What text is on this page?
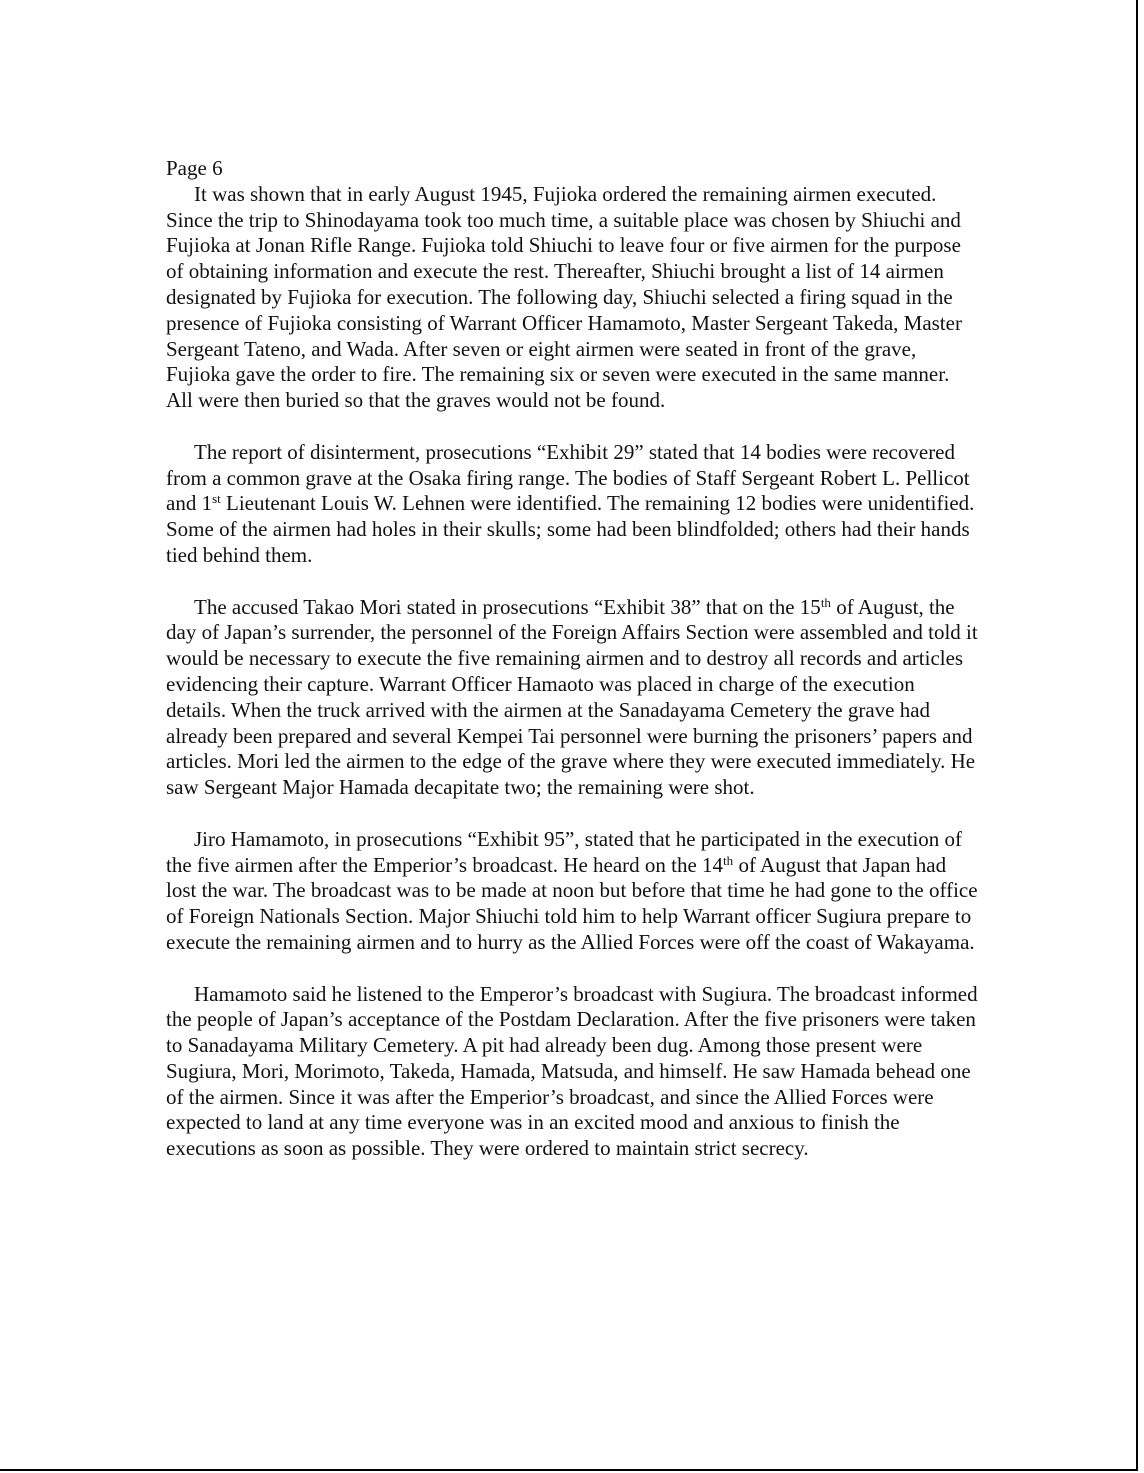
Page 6

It was shown that in early August 1945, Fujioka ordered the remaining airmen executed. Since the trip to Shinodayama took too much time, a suitable place was chosen by Shiuchi and Fujioka at Jonan Rifle Range. Fujioka told Shiuchi to leave four or five airmen for the purpose of obtaining information and execute the rest. Thereafter, Shiuchi brought a list of 14 airmen designated by Fujioka for execution. The following day, Shiuchi selected a firing squad in the presence of Fujioka consisting of Warrant Officer Hamamoto, Master Sergeant Takeda, Master Sergeant Tateno, and Wada. After seven or eight airmen were seated in front of the grave, Fujioka gave the order to fire. The remaining six or seven were executed in the same manner. All were then buried so that the graves would not be found.

The report of disinterment, prosecutions “Exhibit 29” stated that 14 bodies were recovered from a common grave at the Osaka firing range. The bodies of Staff Sergeant Robert L. Pellicot and 1st Lieutenant Louis W. Lehnen were identified. The remaining 12 bodies were unidentified. Some of the airmen had holes in their skulls; some had been blindfolded; others had their hands tied behind them.

The accused Takao Mori stated in prosecutions “Exhibit 38” that on the 15th of August, the day of Japan’s surrender, the personnel of the Foreign Affairs Section were assembled and told it would be necessary to execute the five remaining airmen and to destroy all records and articles evidencing their capture. Warrant Officer Hamaoto was placed in charge of the execution details. When the truck arrived with the airmen at the Sanadayama Cemetery the grave had already been prepared and several Kempei Tai personnel were burning the prisoners’ papers and articles. Mori led the airmen to the edge of the grave where they were executed immediately. He saw Sergeant Major Hamada decapitate two; the remaining were shot.

Jiro Hamamoto, in prosecutions “Exhibit 95”, stated that he participated in the execution of the five airmen after the Emperior’s broadcast. He heard on the 14th of August that Japan had lost the war. The broadcast was to be made at noon but before that time he had gone to the office of Foreign Nationals Section. Major Shiuchi told him to help Warrant officer Sugiura prepare to execute the remaining airmen and to hurry as the Allied Forces were off the coast of Wakayama.

Hamamoto said he listened to the Emperor’s broadcast with Sugiura. The broadcast informed the people of Japan’s acceptance of the Postdam Declaration. After the five prisoners were taken to Sanadayama Military Cemetery. A pit had already been dug. Among those present were Sugiura, Mori, Morimoto, Takeda, Hamada, Matsuda, and himself. He saw Hamada behead one of the airmen. Since it was after the Emperior’s broadcast, and since the Allied Forces were expected to land at any time everyone was in an excited mood and anxious to finish the executions as soon as possible. They were ordered to maintain strict secrecy.
